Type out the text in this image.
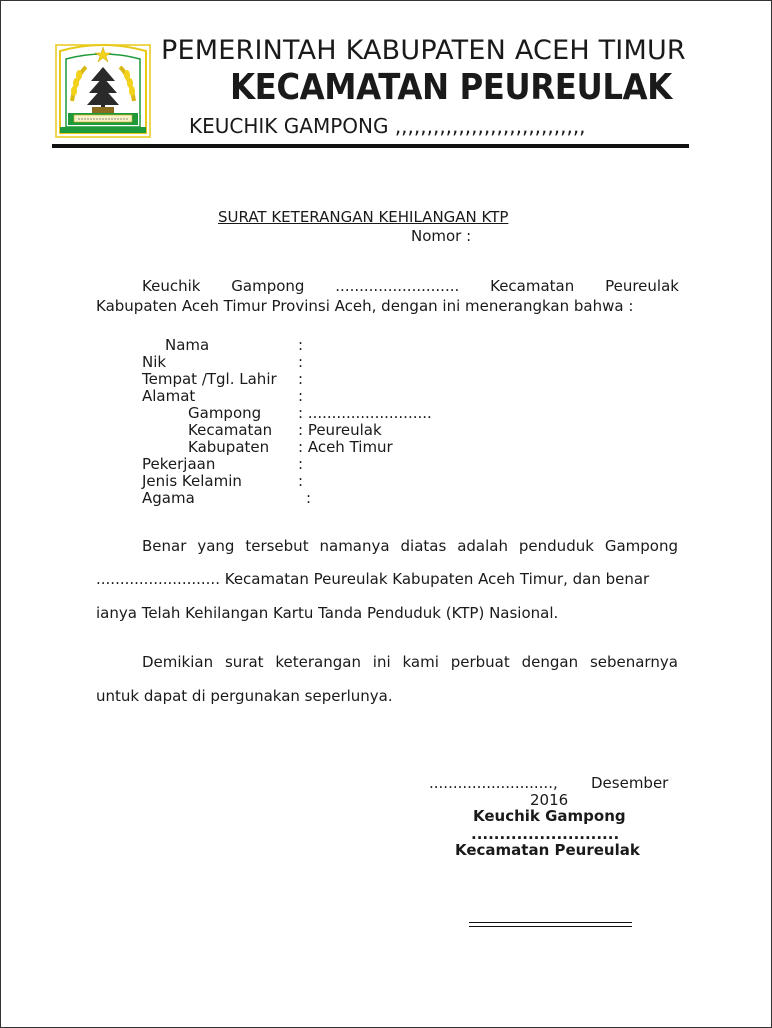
PEMERINTAH KABUPATEN ACEH TIMUR
KECAMATAN PEUREULAK
KEUCHIK GAMPONG ,,,,,,,,,,,,,,,,,,,,,,,,,,,,,,
SURAT KETERANGAN KEHILANGAN KTP
Nomor :
Keuchik Gampong .......................... Kecamatan Peureulak
Kabupaten Aceh Timur Provinsi Aceh, dengan ini menerangkan bahwa :
Nama	:
Nik	:
Tempat /Tgl. Lahir :
Alamat	:
Gampong : ..........................
Kecamatan : Peureulak
Kabupaten : Aceh Timur
Pekerjaan	:
Jenis Kelamin	:
Agama	:
Benar yang tersebut namanya diatas adalah penduduk Gampong
.......................... Kecamatan Peureulak Kabupaten Aceh Timur, dan benar
ianya Telah Kehilangan Kartu Tanda Penduduk (KTP) Nasional.
Demikian surat keterangan ini kami perbuat dengan sebenarnya
untuk dapat di pergunakan seperlunya.
.........................., Desember
2016
Keuchik Gampong
..........................
Kecamatan Peureulak
